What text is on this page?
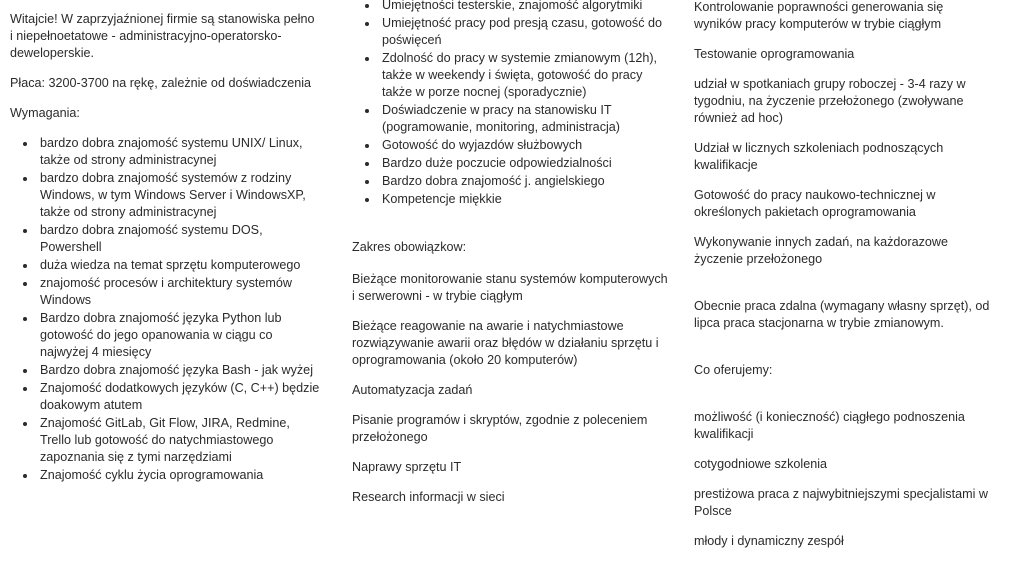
Witajcie! W zaprzyjaźnionej firmie są stanowiska pełno i niepełnoetatowe - administracyjno-operatorsko-deweloperskie.

Płaca: 3200-3700 na rękę, zależnie od doświadczenia

Wymagania:

bardzo dobra znajomość systemu UNIX/ Linux, także od strony administracynej
bardzo dobra znajomość systemów z rodziny Windows, w tym Windows Server i WindowsXP, także od strony administracynej
bardzo dobra znajomość systemu DOS, Powershell
duża wiedza na temat sprzętu komputerowego
znajomość procesów i architektury systemów Windows
Bardzo dobra znajomość języka Python lub gotowość do jego opanowania w ciągu co najwyżej 4 miesięcy
Bardzo dobra znajomość języka Bash - jak wyżej
Znajomość dodatkowych języków (C, C++) będzie doakowym atutem
Znajomość GitLab, Git Flow, JIRA, Redmine, Trello lub gotowość do natychmiastowego zapoznania się z tymi narzędziami
Znajomość cyklu życia oprogramowania
Umiejętności testerskie, znajomość algorytmiki
Umiejętność pracy pod presją czasu, gotowość do poświęceń
Zdolność do pracy w systemie zmianowym (12h), także w weekendy i święta, gotowość do pracy także w porze nocnej (sporadycznie)
Doświadczenie w pracy na stanowisku IT (pogramowanie, monitoring, administracja)
Gotowość do wyjazdów służbowych
Bardzo duże poczucie odpowiedzialności
Bardzo dobra znajomość j. angielskiego
Kompetencje miękkie

Zakres obowiązkow:

Bieżące monitorowanie stanu systemów komputerowych i serwerowni - w trybie ciągłym

Bieżące reagowanie na awarie i natychmiastowe rozwiązywanie awarii oraz błędów w działaniu sprzętu i oprogramowania (około 20 komputerów)

Automatyzacja zadań

Pisanie programów i skryptów, zgodnie z poleceniem przełożonego

Naprawy sprzętu IT

Research informacji w sieci

Kontrolowanie poprawności generowania się wyników pracy komputerów w trybie ciągłym

Testowanie oprogramowania

udział w spotkaniach grupy roboczej - 3-4 razy w tygodniu, na życzenie przełożonego (zwoływane również ad hoc)

Udział w licznych szkoleniach podnoszących kwalifikacje

Gotowość do pracy naukowo-technicznej w określonych pakietach oprogramowania

Wykonywanie innych zadań, na każdorazowe życzenie przełożonego

Obecnie praca zdalna (wymagany własny sprzęt), od lipca praca stacjonarna w trybie zmianowym.

Co oferujemy:

możliwość (i konieczność) ciągłego podnoszenia kwalifikacji

cotygodniowe szkolenia

prestiżowa praca z najwybitniejszymi specjalistami w Polsce

młody i dynamiczny zespół
